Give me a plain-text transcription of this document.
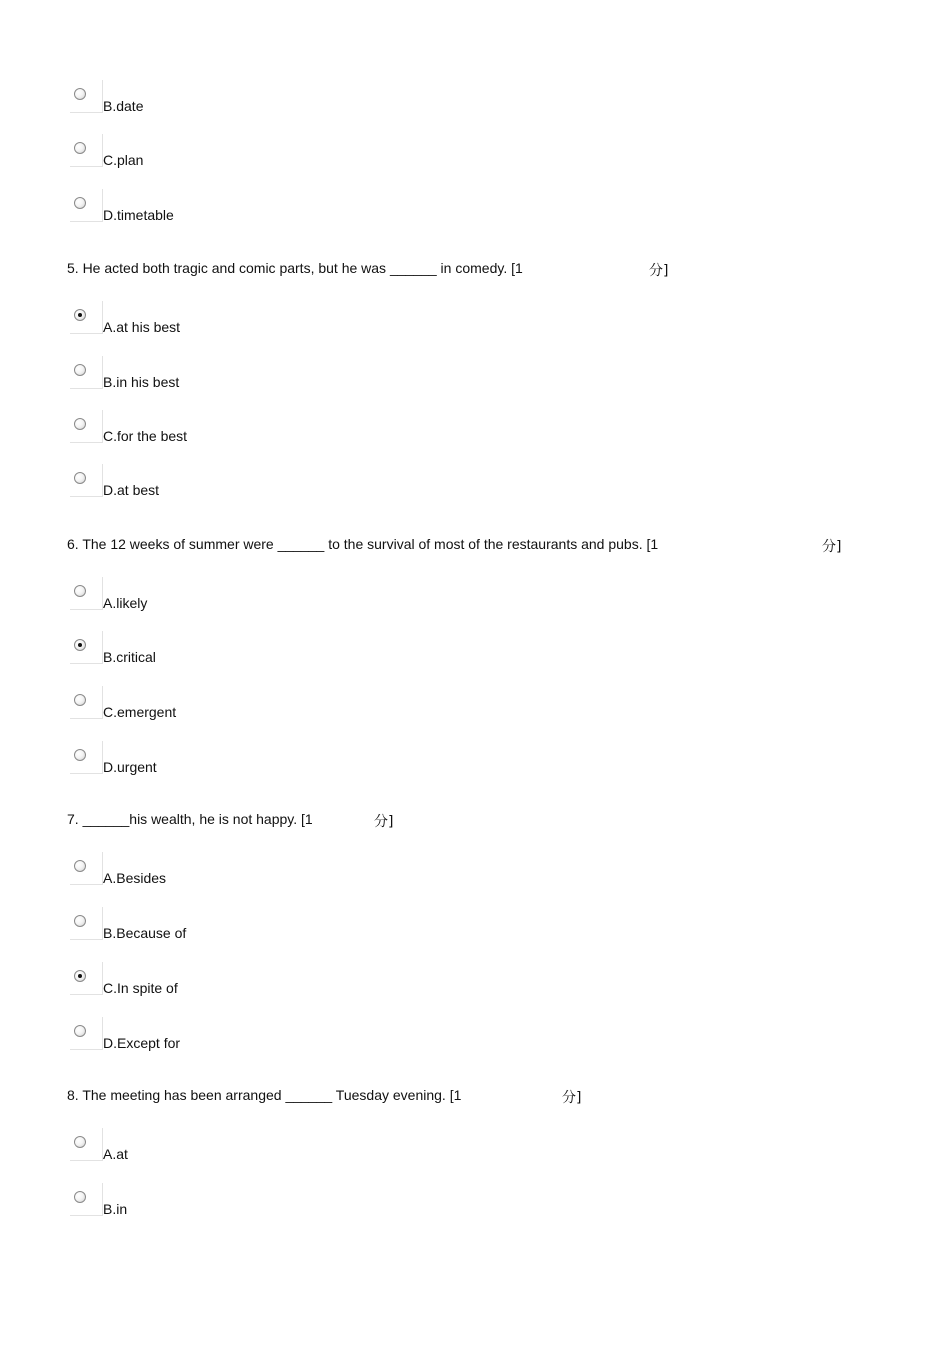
B.date
C.plan
D.timetable
5. He acted both tragic and comic parts, but he was ______ in comedy. [1	分]
A.at his best
B.in his best
C.for the best
D.at best
6. The 12 weeks of summer were ______ to the survival of most of the restaurants and pubs. [1	分]
A.likely
B.critical
C.emergent
D.urgent
7. ______his wealth, he is not happy. [1	分]
A.Besides
B.Because of
C.In spite of
D.Except for
8. The meeting has been arranged ______ Tuesday evening. [1	分]
A.at
B.in
